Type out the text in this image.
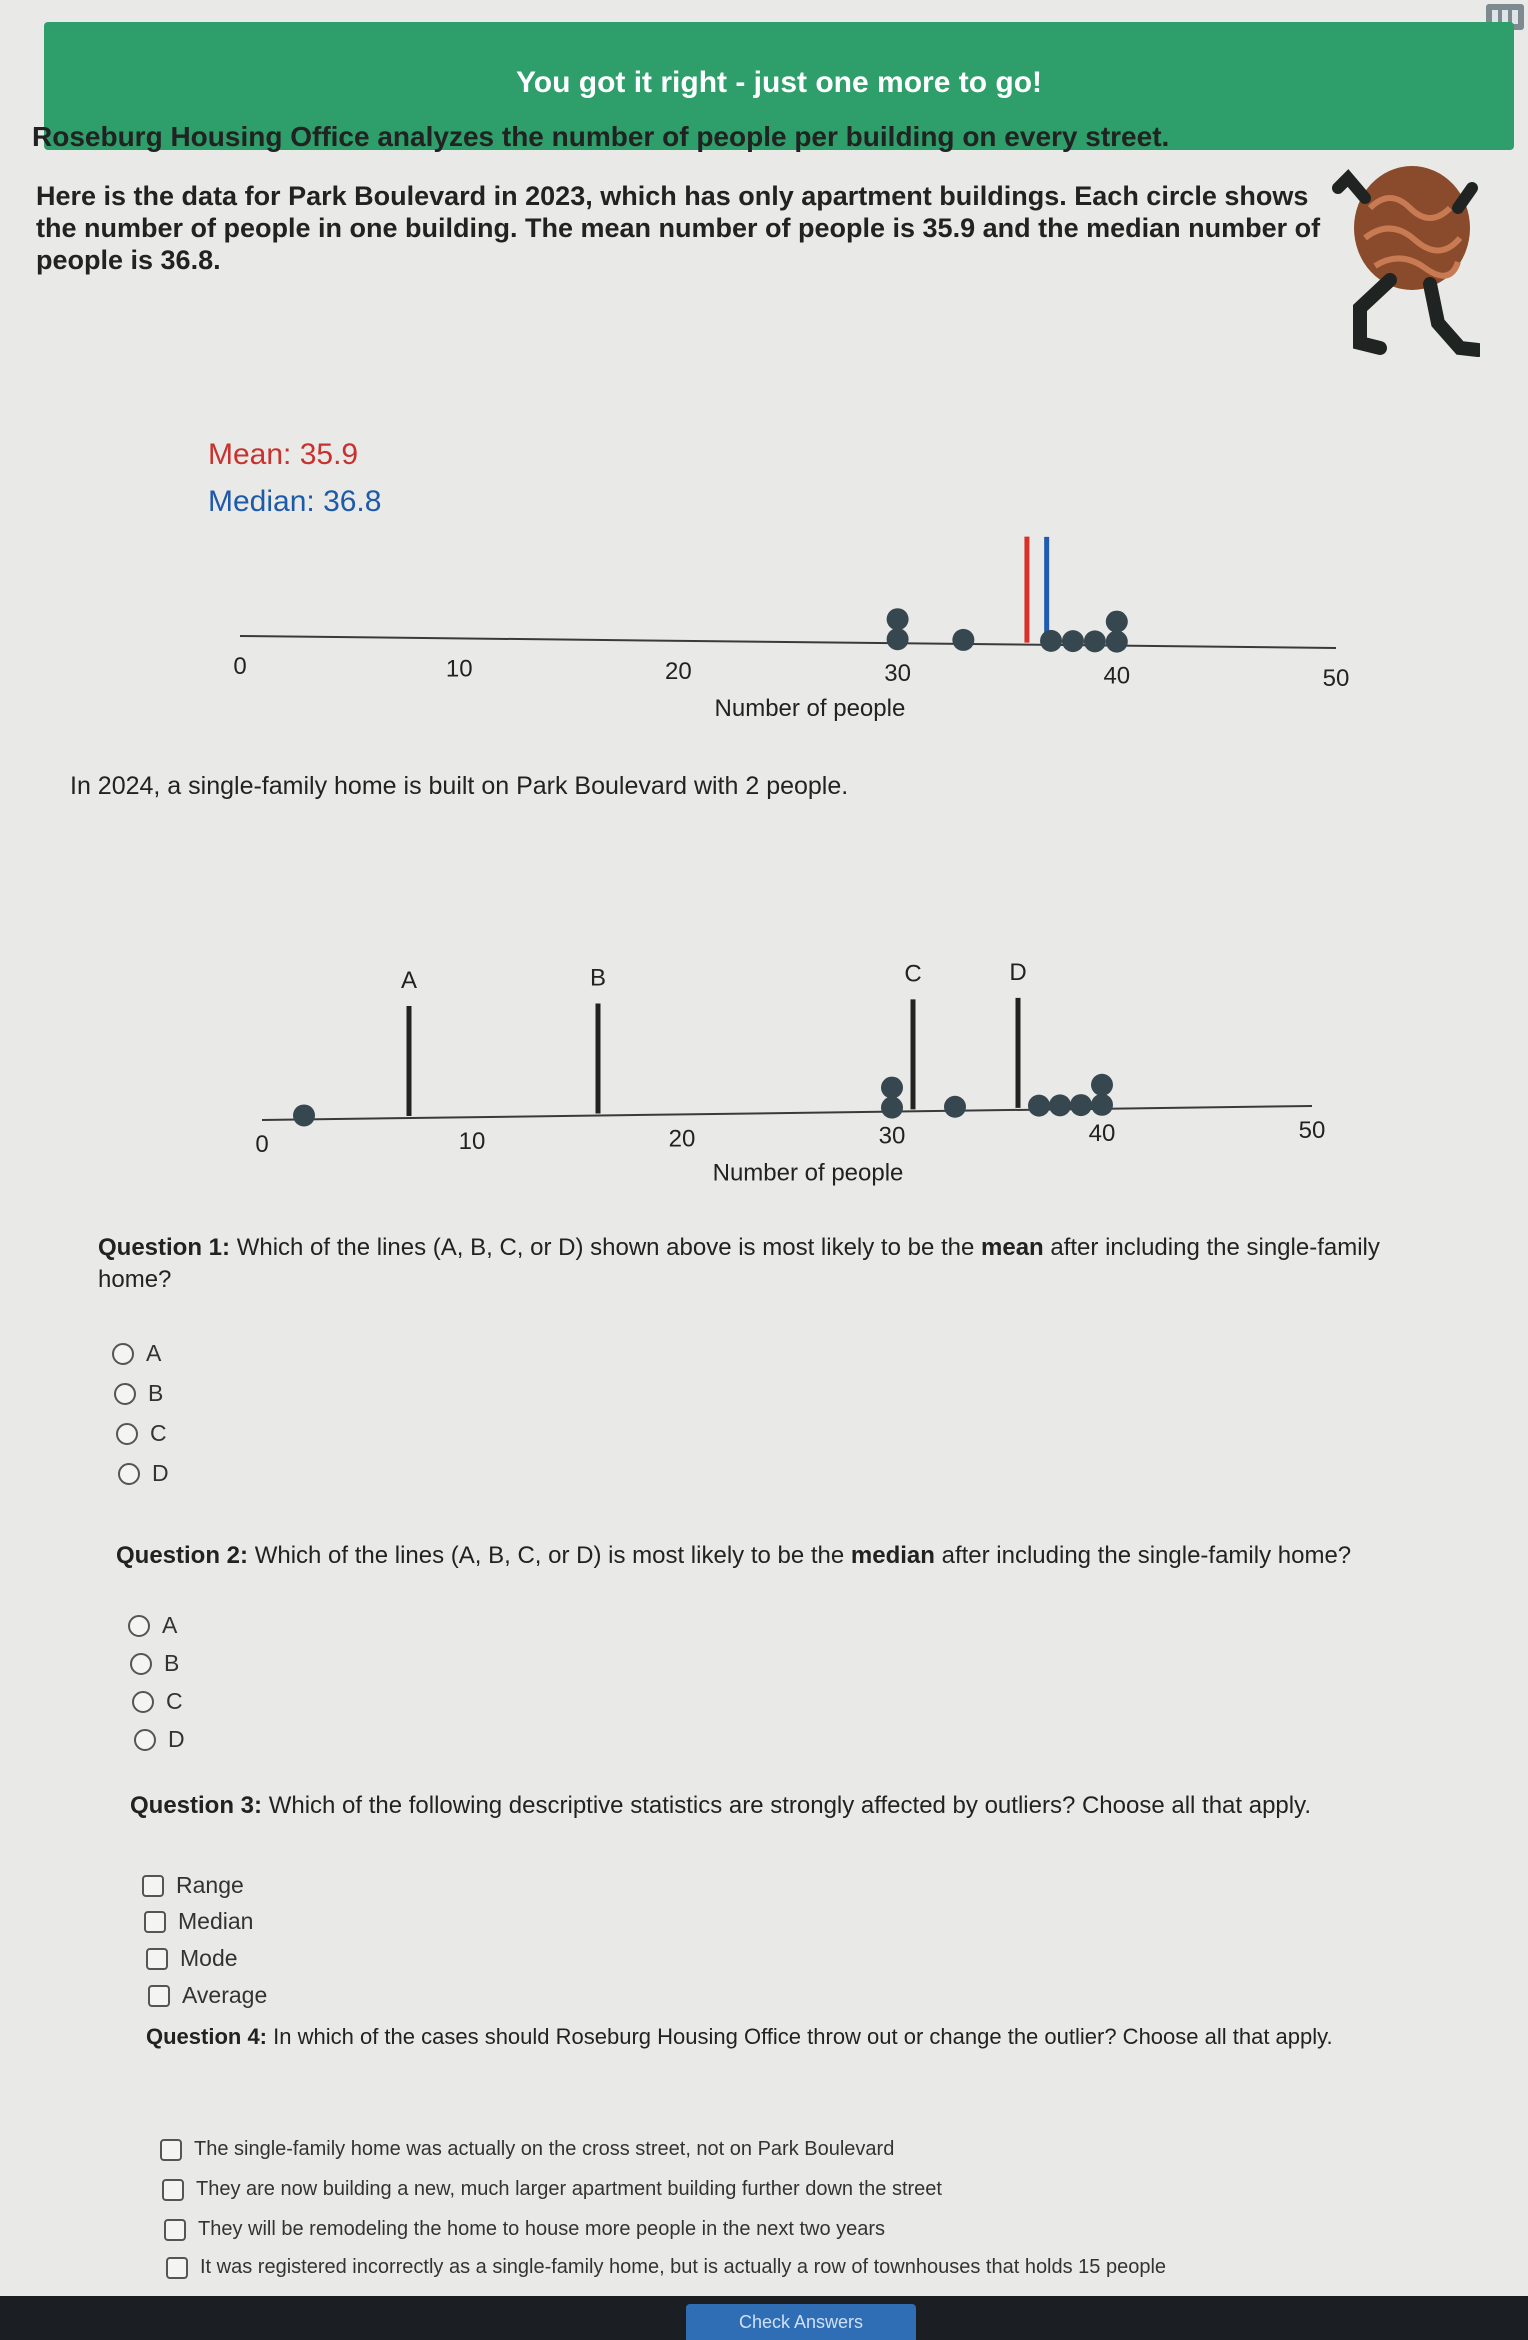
You got it right - just one more to go!
Roseburg Housing Office analyzes the number of people per building on every street.
Here is the data for Park Boulevard in 2023, which has only apartment buildings. Each circle shows the number of people in one building. The mean number of people is 35.9 and the median number of people is 36.8.
Mean: 35.9
Median: 36.8
0	10	20	30	40	50
Number of people
In 2024, a single-family home is built on Park Boulevard with 2 people.
0	10	20	30	40	50
Number of people
A	B	C	D
Question 1: Which of the lines (A, B, C, or D) shown above is most likely to be the mean after including the single-family home?
A
B
C
D
Question 2: Which of the lines (A, B, C, or D) is most likely to be the median after including the single-family home?
A
B
C
D
Question 3: Which of the following descriptive statistics are strongly affected by outliers? Choose all that apply.
Range
Median
Mode
Average
Question 4: In which of the cases should Roseburg Housing Office throw out or change the outlier? Choose all that apply.
The single-family home was actually on the cross street, not on Park Boulevard
They are now building a new, much larger apartment building further down the street
They will be remodeling the home to house more people in the next two years
It was registered incorrectly as a single-family home, but is actually a row of townhouses that holds 15 people
Check Answers
